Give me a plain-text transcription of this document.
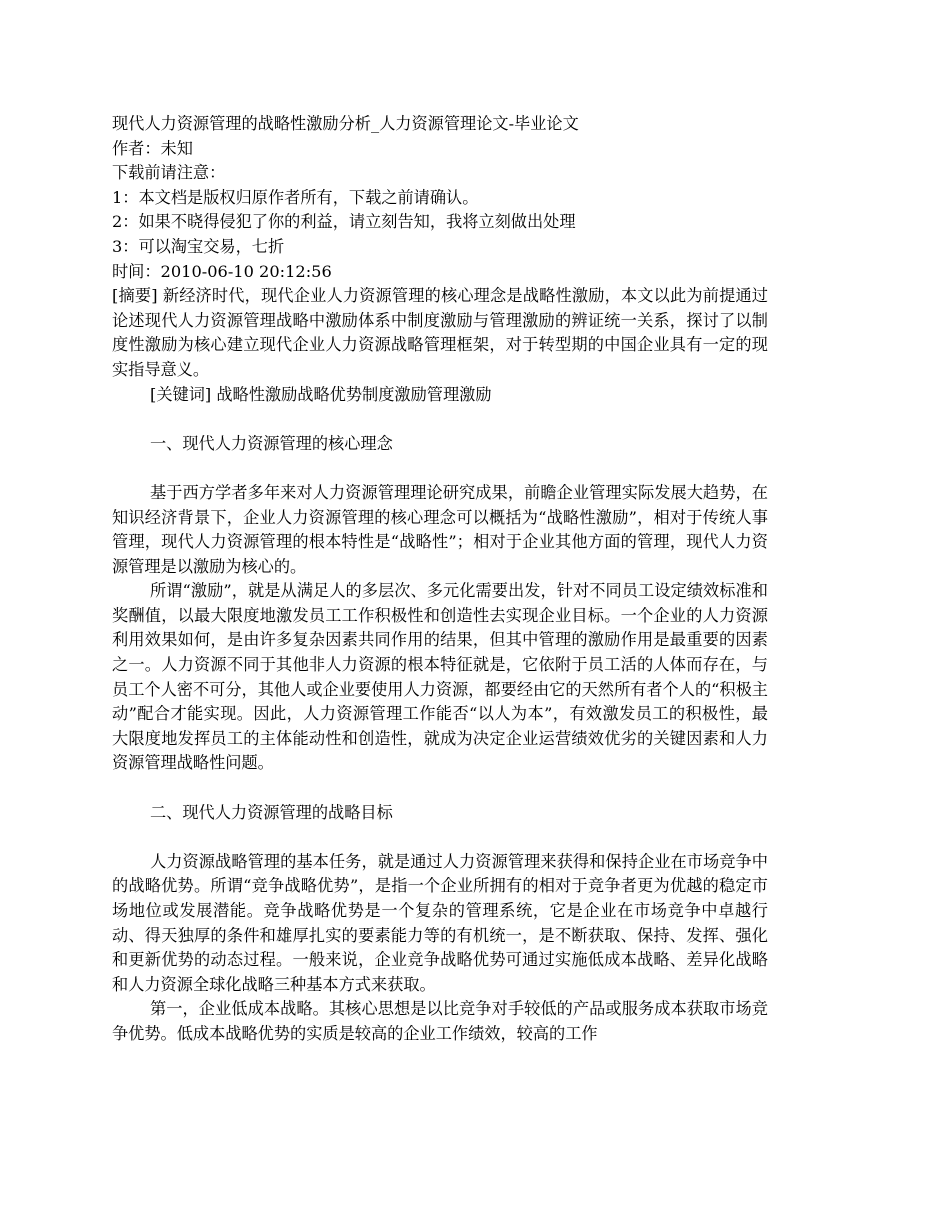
现代人力资源管理的战略性激励分析_人力资源管理论文-毕业论文

作者：未知

下载前请注意：

1：本文档是版权归原作者所有，下载之前请确认。

2：如果不晓得侵犯了你的利益，请立刻告知，我将立刻做出处理

3：可以淘宝交易，七折

时间：2010-06-10 20:12:56

[摘要] 新经济时代，现代企业人力资源管理的核心理念是战略性激励，本文以此为前提通过论述现代人力资源管理战略中激励体系中制度激励与管理激励的辨证统一关系，探讨了以制度性激励为核心建立现代企业人力资源战略管理框架，对于转型期的中国企业具有一定的现实指导意义。

[关键词] 战略性激励战略优势制度激励管理激励

一、现代人力资源管理的核心理念

基于西方学者多年来对人力资源管理理论研究成果，前瞻企业管理实际发展大趋势，在知识经济背景下，企业人力资源管理的核心理念可以概括为“战略性激励”，相对于传统人事管理，现代人力资源管理的根本特性是“战略性”；相对于企业其他方面的管理，现代人力资源管理是以激励为核心的。

所谓“激励”，就是从满足人的多层次、多元化需要出发，针对不同员工设定绩效标准和奖酬值，以最大限度地激发员工工作积极性和创造性去实现企业目标。一个企业的人力资源利用效果如何，是由许多复杂因素共同作用的结果，但其中管理的激励作用是最重要的因素之一。人力资源不同于其他非人力资源的根本特征就是，它依附于员工活的人体而存在，与员工个人密不可分，其他人或企业要使用人力资源，都要经由它的天然所有者个人的“积极主动”配合才能实现。因此，人力资源管理工作能否“以人为本”，有效激发员工的积极性，最大限度地发挥员工的主体能动性和创造性，就成为决定企业运营绩效优劣的关键因素和人力资源管理战略性问题。

二、现代人力资源管理的战略目标

人力资源战略管理的基本任务，就是通过人力资源管理来获得和保持企业在市场竞争中的战略优势。所谓“竞争战略优势”，是指一个企业所拥有的相对于竞争者更为优越的稳定市场地位或发展潜能。竞争战略优势是一个复杂的管理系统，它是企业在市场竞争中卓越行动、得天独厚的条件和雄厚扎实的要素能力等的有机统一，是不断获取、保持、发挥、强化和更新优势的动态过程。一般来说，企业竞争战略优势可通过实施低成本战略、差异化战略和人力资源全球化战略三种基本方式来获取。

第一，企业低成本战略。其核心思想是以比竞争对手较低的产品或服务成本获取市场竞争优势。低成本战略优势的实质是较高的企业工作绩效，较高的工作
